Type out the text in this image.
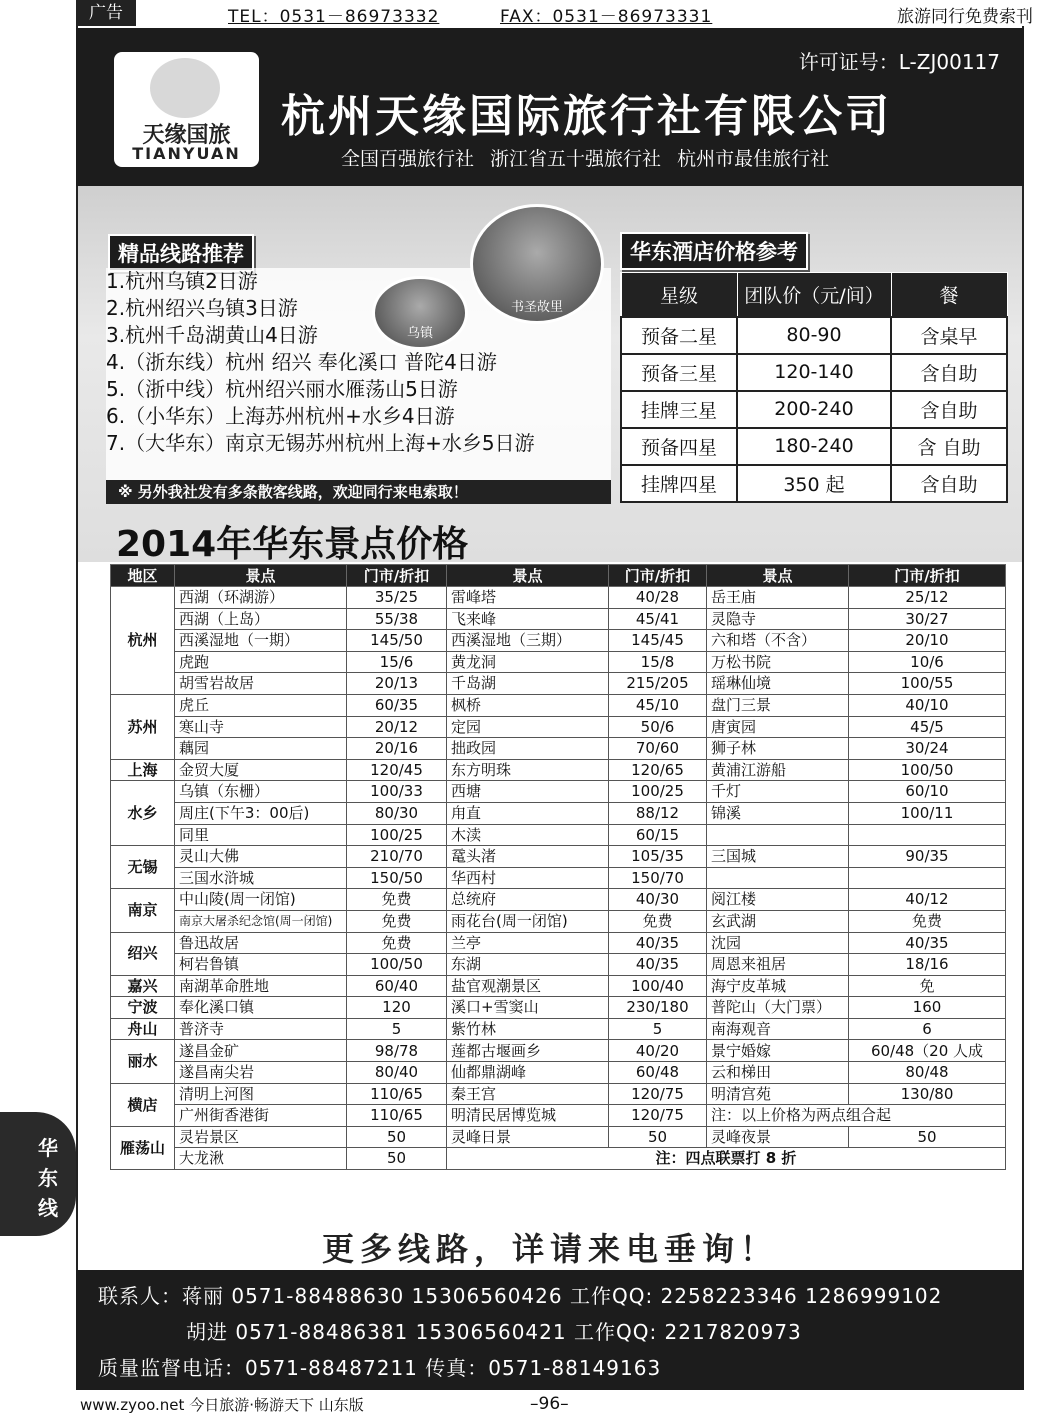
广告	TEL：0531－86973332	FAX：0531－86973331	旅游同行免费索刊
天缘国旅
TIANYUAN
许可证号：L-ZJ00117
杭州天缘国际旅行社有限公司
全国百强旅行社 浙江省五十强旅行社 杭州市最佳旅行社
精品线路推荐
1.杭州乌镇2日游
2.杭州绍兴乌镇3日游
3.杭州千岛湖黄山4日游
4.（浙东线）杭州 绍兴 奉化溪口 普陀4日游
5.（浙中线）杭州绍兴丽水雁荡山5日游
6.（小华东）上海苏州杭州+水乡4日游
7.（大华东）南京无锡苏州杭州上海+水乡5日游
※ 另外我社发有多条散客线路，欢迎同行来电索取！
乌镇
书圣故里
华东酒店价格参考
星级	团队价（元/间）	餐
预备二星	80-90	含桌早
预备三星	120-140	含自助
挂牌三星	200-240	含自助
预备四星	180-240	含 自助
挂牌四星	350 起	含自助
2014年华东景点价格
地区	景点	门市/折扣	景点	门市/折扣	景点	门市/折扣
杭州	西湖（环湖游）	35/25	雷峰塔	40/28	岳王庙	25/12
	西湖（上岛）	55/38	飞来峰	45/41	灵隐寺	30/27
	西溪湿地（一期）	145/50	西溪湿地（三期）	145/45	六和塔（不含）	20/10
	虎跑	15/6	黄龙洞	15/8	万松书院	10/6
	胡雪岩故居	20/13	千岛湖	215/205	瑶琳仙境	100/55
苏州	虎丘	60/35	枫桥	45/10	盘门三景	40/10
	寒山寺	20/12	定园	50/6	唐寅园	45/5
	藕园	20/16	拙政园	70/60	狮子林	30/24
上海	金贸大厦	120/45	东方明珠	120/65	黄浦江游船	100/50
水乡	乌镇（东栅）	100/33	西塘	100/25	千灯	60/10
	周庄(下午3：00后)	80/30	甪直	88/12	锦溪	100/11
	同里	100/25	木渎	60/15		
无锡	灵山大佛	210/70	鼋头渚	105/35	三国城	90/35
	三国水浒城	150/50	华西村	150/70		
南京	中山陵(周一闭馆)	免费	总统府	40/30	阅江楼	40/12
	南京大屠杀纪念馆(周一闭馆)	免费	雨花台(周一闭馆)	免费	玄武湖	免费
绍兴	鲁迅故居	免费	兰亭	40/35	沈园	40/35
	柯岩鲁镇	100/50	东湖	40/35	周恩来祖居	18/16
嘉兴	南湖革命胜地	60/40	盐官观潮景区	100/40	海宁皮革城	免
宁波	奉化溪口镇	120	溪口+雪窦山	230/180	普陀山（大门票）	160
舟山	普济寺	5	紫竹林	5	南海观音	6
丽水	遂昌金矿	98/78	莲都古堰画乡	40/20	景宁婚嫁	60/48（20 人成
	遂昌南尖岩	80/40	仙都鼎湖峰	60/48	云和梯田	80/48
横店	清明上河图	110/65	秦王宫	120/75	明清宫苑	130/80
	广州街香港街	110/65	明清民居博览城	120/75	注：以上价格为两点组合起	
雁荡山	灵岩景区	50	灵峰日景	50	灵峰夜景	50
	大龙湫	50	注：四点联票打 8 折			
更多线路，详请来电垂询！
联系人：蒋丽 0571-88488630 15306560426 工作QQ: 2258223346 1286999102
胡进 0571-88486381 15306560421 工作QQ: 2217820973
质量监督电话：0571-88487211 传真：0571-88149163
华
东
线
www.zyoo.net 今日旅游·畅游天下 山东版	–96–
